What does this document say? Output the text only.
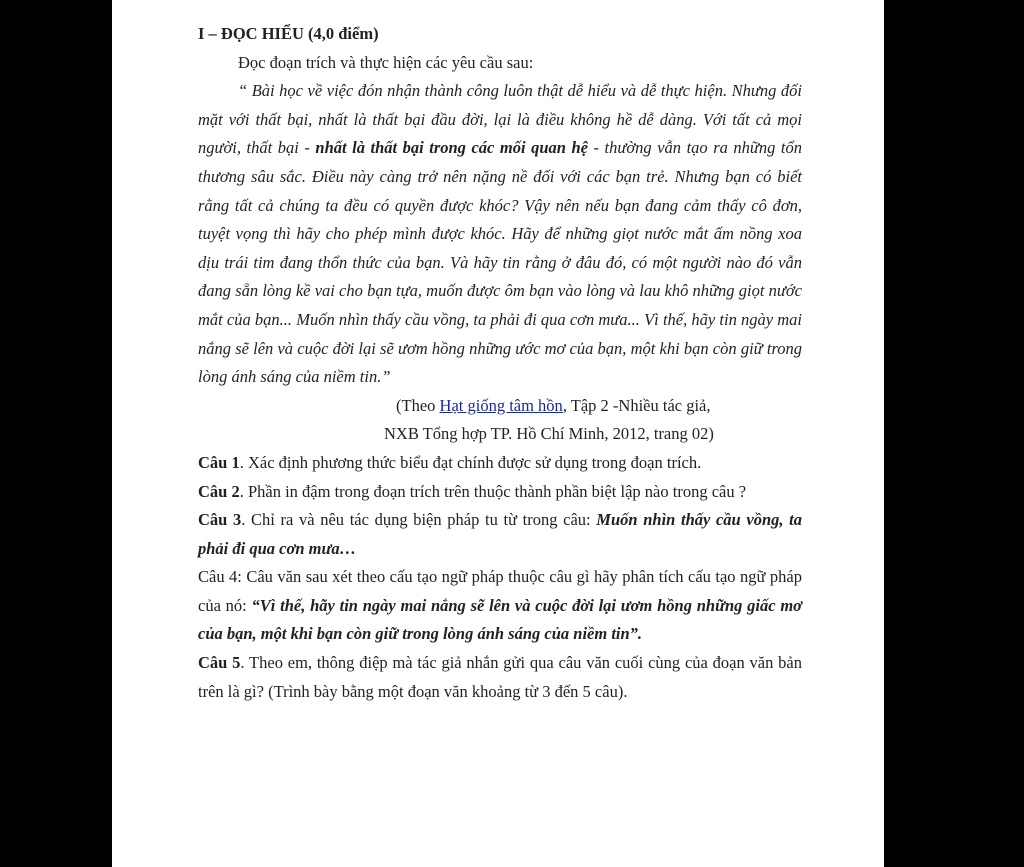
I – ĐỌC HIỂU (4,0 điểm)

Đọc đoạn trích và thực hiện các yêu cầu sau:

“ Bài học về việc đón nhận thành công luôn thật dễ hiểu và dễ thực hiện. Nhưng đối mặt với thất bại, nhất là thất bại đầu đời, lại là điều không hề dễ dàng. Với tất cả mọi người, thất bại - nhất là thất bại trong các mối quan hệ - thường vẫn tạo ra những tổn thương sâu sắc. Điều này càng trở nên nặng nề đối với các bạn trẻ. Nhưng bạn có biết rằng tất cả chúng ta đều có quyền được khóc? Vậy nên nếu bạn đang cảm thấy cô đơn, tuyệt vọng thì hãy cho phép mình được khóc. Hãy để những giọt nước mắt ấm nồng xoa dịu trái tim đang thổn thức của bạn. Và hãy tin rằng ở đâu đó, có một người nào đó vẫn đang sẵn lòng kề vai cho bạn tựa, muốn được ôm bạn vào lòng và lau khô những giọt nước mắt của bạn... Muốn nhìn thấy cầu vồng, ta phải đi qua cơn mưa... Vì thế, hãy tin ngày mai nắng sẽ lên và cuộc đời lại sẽ ươm hồng những ước mơ của bạn, một khi bạn còn giữ trong lòng ánh sáng của niềm tin.”

(Theo Hạt giống tâm hồn, Tập 2 -Nhiều tác giả,

NXB Tổng hợp TP. Hồ Chí Minh, 2012, trang 02)

Câu 1. Xác định phương thức biểu đạt chính được sử dụng trong đoạn trích.

Câu 2. Phần in đậm trong đoạn trích trên thuộc thành phần biệt lập nào trong câu ?

Câu 3. Chỉ ra và nêu tác dụng biện pháp tu từ trong câu: Muốn nhìn thấy cầu vồng, ta phải đi qua cơn mưa…

Câu 4: Câu văn sau xét theo cấu tạo ngữ pháp thuộc câu gì hãy phân tích cấu tạo ngữ pháp của nó: “Vì thế, hãy tin ngày mai nắng sẽ lên và cuộc đời lại ươm hồng những giấc mơ của bạn, một khi bạn còn giữ trong lòng ánh sáng của niềm tin”.

Câu 5. Theo em, thông điệp mà tác giả nhắn gửi qua câu văn cuối cùng của đoạn văn bản trên là gì? (Trình bày bằng một đoạn văn khoảng từ 3 đến 5 câu).
